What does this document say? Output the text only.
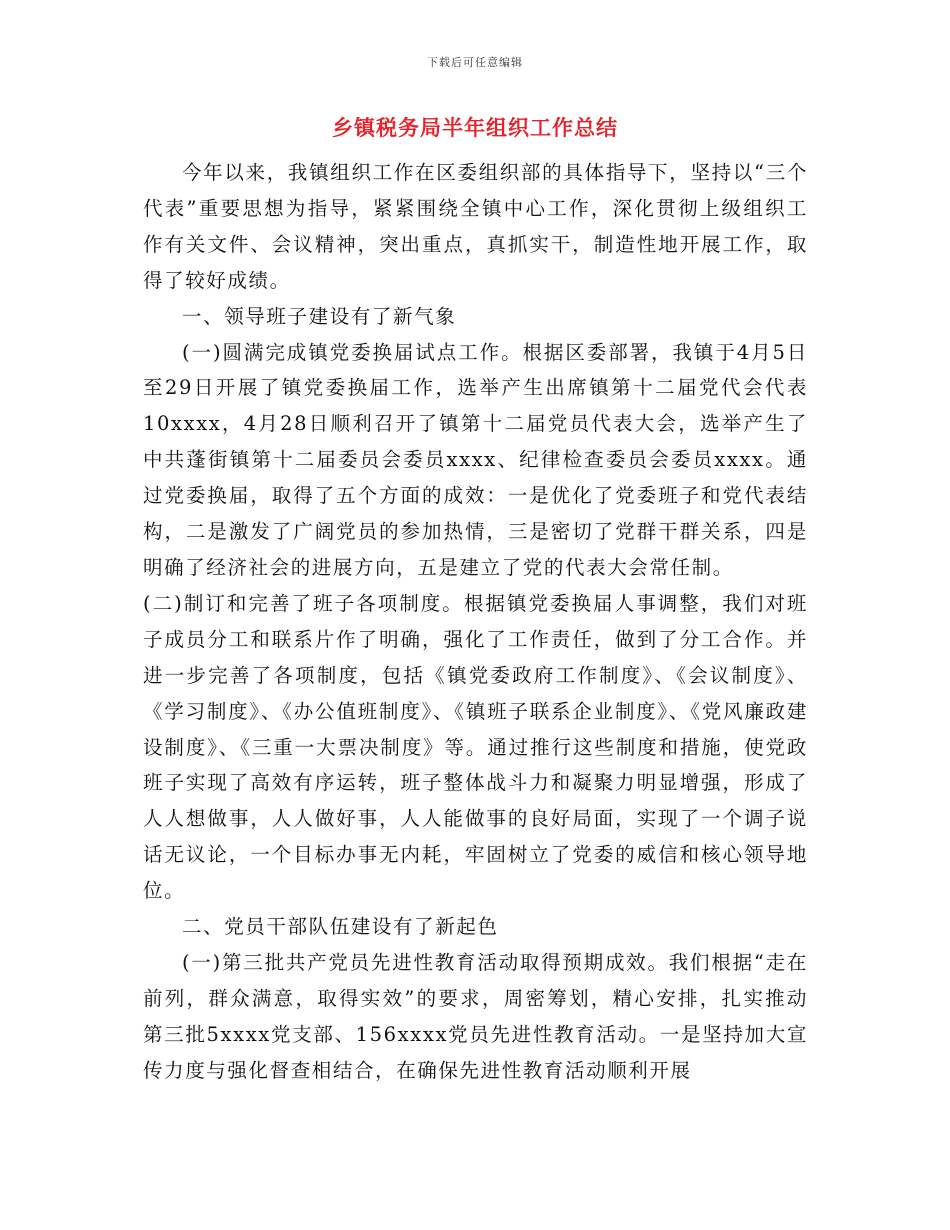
下载后可任意编辑
乡镇税务局半年组织工作总结

今年以来，我镇组织工作在区委组织部的具体指导下，坚持以“三个代表”重要思想为指导，紧紧围绕全镇中心工作，深化贯彻上级组织工作有关文件、会议精神，突出重点，真抓实干，制造性地开展工作，取得了较好成绩。

一、领导班子建设有了新气象

(一)圆满完成镇党委换届试点工作。根据区委部署，我镇于4月5日至29日开展了镇党委换届工作，选举产生出席镇第十二届党代会代表10xxxx，4月28日顺利召开了镇第十二届党员代表大会，选举产生了中共蓬街镇第十二届委员会委员xxxx、纪律检查委员会委员xxxx。通过党委换届，取得了五个方面的成效：一是优化了党委班子和党代表结构，二是激发了广阔党员的参加热情，三是密切了党群干群关系，四是明确了经济社会的进展方向，五是建立了党的代表大会常任制。

(二)制订和完善了班子各项制度。根据镇党委换届人事调整，我们对班子成员分工和联系片作了明确，强化了工作责任，做到了分工合作。并进一步完善了各项制度，包括《镇党委政府工作制度》、《会议制度》、《学习制度》、《办公值班制度》、《镇班子联系企业制度》、《党风廉政建设制度》、《三重一大票决制度》等。通过推行这些制度和措施，使党政班子实现了高效有序运转，班子整体战斗力和凝聚力明显增强，形成了人人想做事，人人做好事，人人能做事的良好局面，实现了一个调子说话无议论，一个目标办事无内耗，牢固树立了党委的威信和核心领导地位。

二、党员干部队伍建设有了新起色

(一)第三批共产党员先进性教育活动取得预期成效。我们根据“走在前列，群众满意，取得实效”的要求，周密筹划，精心安排，扎实推动第三批5xxxx党支部、156xxxx党员先进性教育活动。一是坚持加大宣传力度与强化督查相结合，在确保先进性教育活动顺利开展
